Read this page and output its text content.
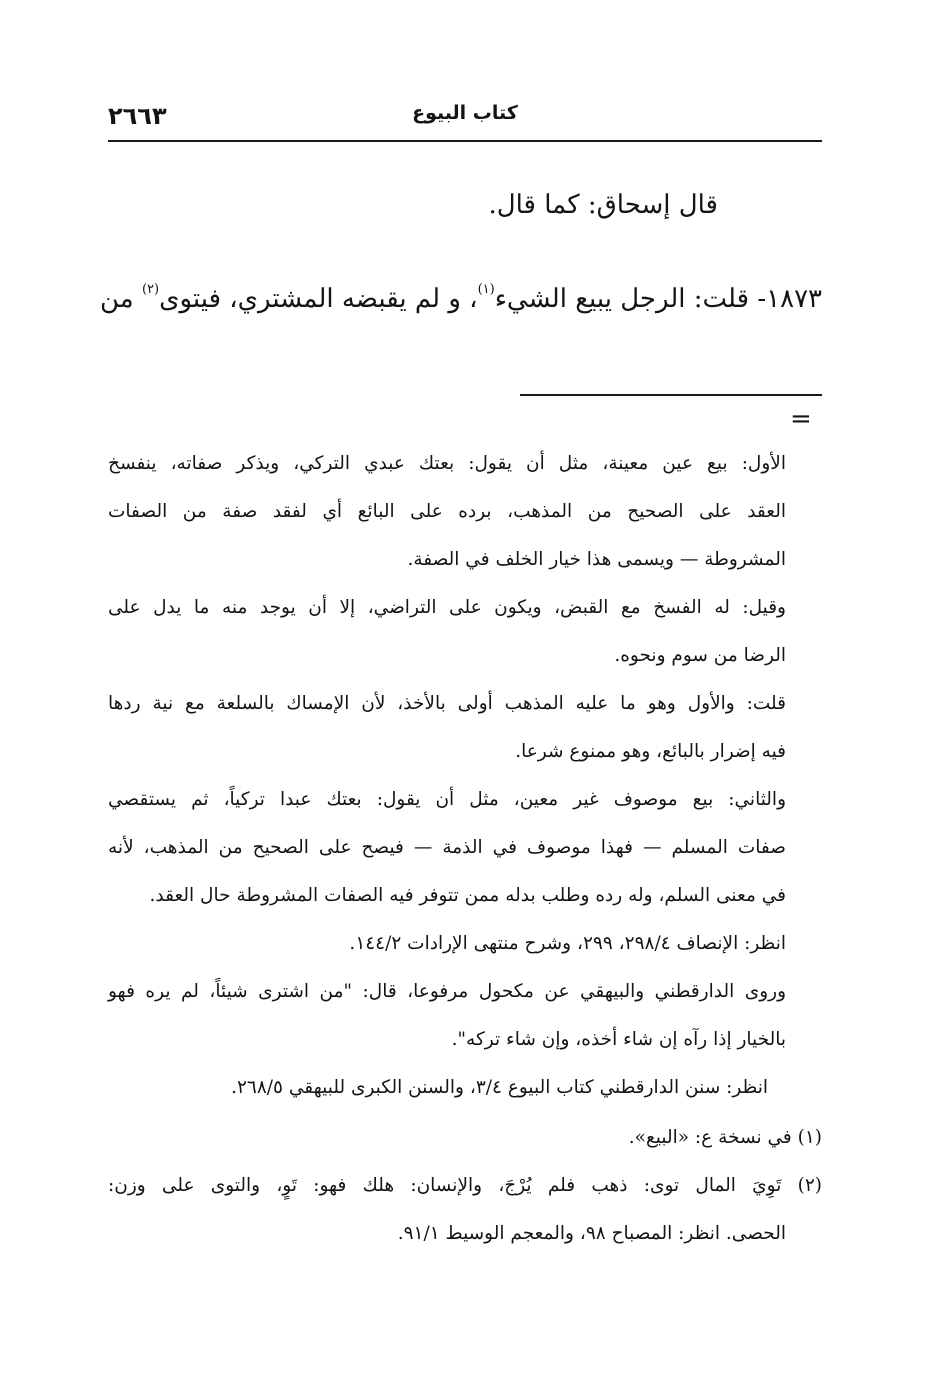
٢٦٦٣	كتاب البيوع
قال إسحاق: كما قال.
١٨٧٣- قلت: الرجل يبيع الشيء$^{(١)}$، و لم يقبضه المشتري، فيتوى$^{(٢)}$ من
=
الأول: بيع عين معينة، مثل أن يقول: بعتك عبدي التركي، ويذكر صفاته، ينفسخ
العقد على الصحيح من المذهب، برده على البائع أي لفقد صفة من الصفات
المشروطة — ويسمى هذا خيار الخلف في الصفة.
وقيل: له الفسخ مع القبض، ويكون على التراضي، إلا أن يوجد منه ما يدل على
الرضا من سوم ونحوه.
قلت: والأول وهو ما عليه المذهب أولى بالأخذ، لأن الإمساك بالسلعة مع نية ردها
فيه إضرار بالبائع، وهو ممنوع شرعا.
والثاني: بيع موصوف غير معين، مثل أن يقول: بعتك عبدا تركياً، ثم يستقصي
صفات المسلم — فهذا موصوف في الذمة — فيصح على الصحيح من المذهب، لأنه
في معنى السلم، وله رده وطلب بدله ممن تتوفر فيه الصفات المشروطة حال العقد.
انظر: الإنصاف ٢٩٨/٤، ٢٩٩، وشرح منتهى الإرادات ١٤٤/٢.
وروى الدارقطني والبيهقي عن مكحول مرفوعا، قال: "من اشترى شيئاً، لم يره فهو
بالخيار إذا رآه إن شاء أخذه، وإن شاء تركه".
انظر: سنن الدارقطني كتاب البيوع ٣/٤، والسنن الكبرى للبيهقي ٢٦٨/٥.
(١) في نسخة ع: «البيع».
(٢) تَوِيَ المال توى: ذهب فلم يُرْجَ، والإنسان: هلك فهو: تَوٍ، والتوى على وزن:
الحصى. انظر: المصباح ٩٨، والمعجم الوسيط ٩١/١.
